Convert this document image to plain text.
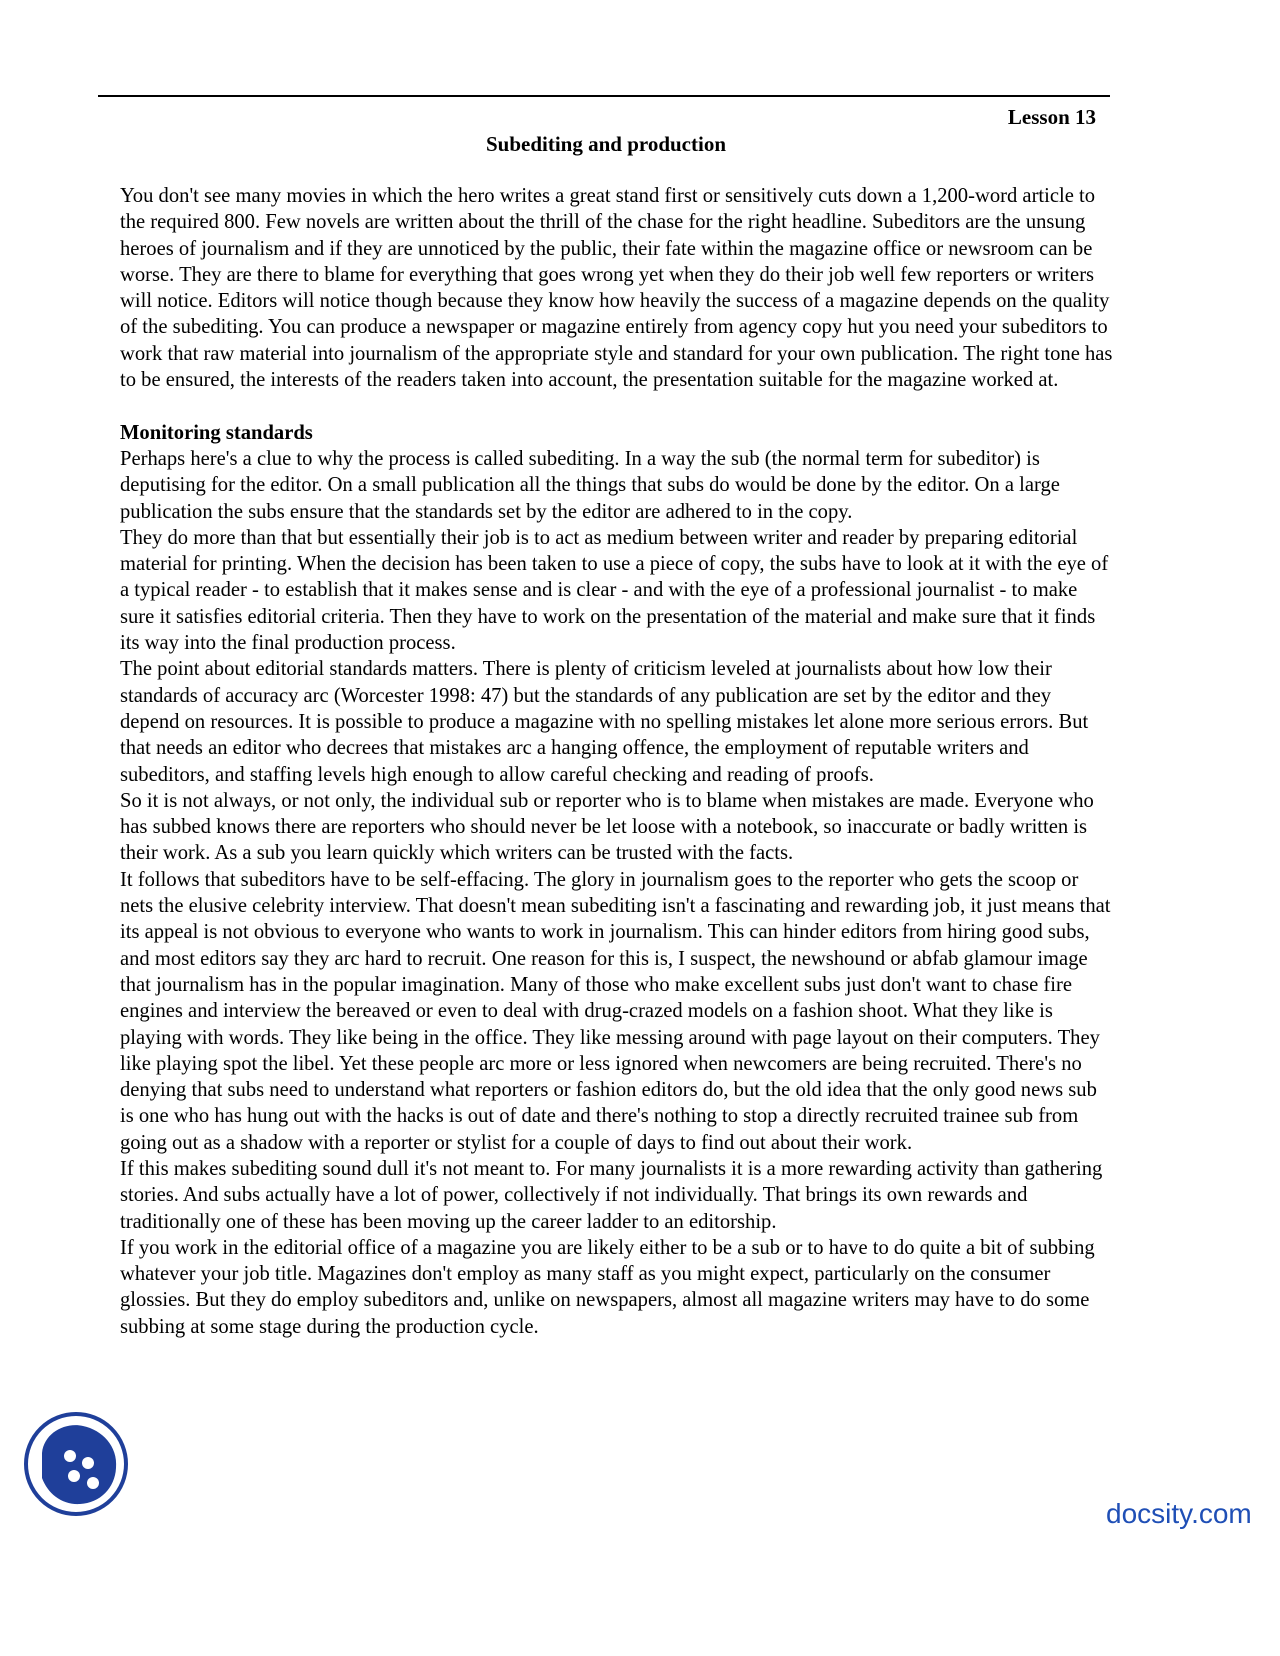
Lesson 13
Subediting and production

You don't see many movies in which the hero writes a great stand first or sensitively cuts down a 1,200-word article to the required 800. Few novels are written about the thrill of the chase for the right headline. Subeditors are the unsung heroes of journalism and if they are unnoticed by the public, their fate within the magazine office or newsroom can be worse. They are there to blame for everything that goes wrong yet when they do their job well few reporters or writers will notice. Editors will notice though because they know how heavily the success of a magazine depends on the quality of the subediting. You can produce a newspaper or magazine entirely from agency copy hut you need your subeditors to work that raw material into journalism of the appropriate style and standard for your own publication. The right tone has to be ensured, the interests of the readers taken into account, the presentation suitable for the magazine worked at.

Monitoring standards

Perhaps here's a clue to why the process is called subediting. In a way the sub (the normal term for subeditor) is deputising for the editor. On a small publication all the things that subs do would be done by the editor. On a large publication the subs ensure that the standards set by the editor are adhered to in the copy.

They do more than that but essentially their job is to act as medium between writer and reader by preparing editorial material for printing. When the decision has been taken to use a piece of copy, the subs have to look at it with the eye of a typical reader - to establish that it makes sense and is clear - and with the eye of a professional journalist - to make sure it satisfies editorial criteria. Then they have to work on the presentation of the material and make sure that it finds its way into the final production process.

The point about editorial standards matters. There is plenty of criticism leveled at journalists about how low their standards of accuracy arc (Worcester 1998: 47) but the standards of any publication are set by the editor and they depend on resources. It is possible to produce a magazine with no spelling mistakes let alone more serious errors. But that needs an editor who decrees that mistakes arc a hanging offence, the employment of reputable writers and subeditors, and staffing levels high enough to allow careful checking and reading of proofs.

So it is not always, or not only, the individual sub or reporter who is to blame when mistakes are made. Everyone who has subbed knows there are reporters who should never be let loose with a notebook, so inaccurate or badly written is their work. As a sub you learn quickly which writers can be trusted with the facts.

It follows that subeditors have to be self-effacing. The glory in journalism goes to the reporter who gets the scoop or nets the elusive celebrity interview. That doesn't mean subediting isn't a fascinating and rewarding job, it just means that its appeal is not obvious to everyone who wants to work in journalism. This can hinder editors from hiring good subs, and most editors say they arc hard to recruit. One reason for this is, I suspect, the newshound or abfab glamour image that journalism has in the popular imagination. Many of those who make excellent subs just don't want to chase fire engines and interview the bereaved or even to deal with drug-crazed models on a fashion shoot. What they like is playing with words. They like being in the office. They like messing around with page layout on their computers. They like playing spot the libel. Yet these people arc more or less ignored when newcomers are being recruited. There's no denying that subs need to understand what reporters or fashion editors do, but the old idea that the only good news sub is one who has hung out with the hacks is out of date and there's nothing to stop a directly recruited trainee sub from going out as a shadow with a reporter or stylist for a couple of days to find out about their work.

If this makes subediting sound dull it's not meant to. For many journalists it is a more rewarding activity than gathering stories. And subs actually have a lot of power, collectively if not individually. That brings its own rewards and traditionally one of these has been moving up the career ladder to an editorship.

If you work in the editorial office of a magazine you are likely either to be a sub or to have to do quite a bit of subbing whatever your job title. Magazines don't employ as many staff as you might expect, particularly on the consumer glossies. But they do employ subeditors and, unlike on newspapers, almost all magazine writers may have to do some subbing at some stage during the production cycle.

docsity.com
